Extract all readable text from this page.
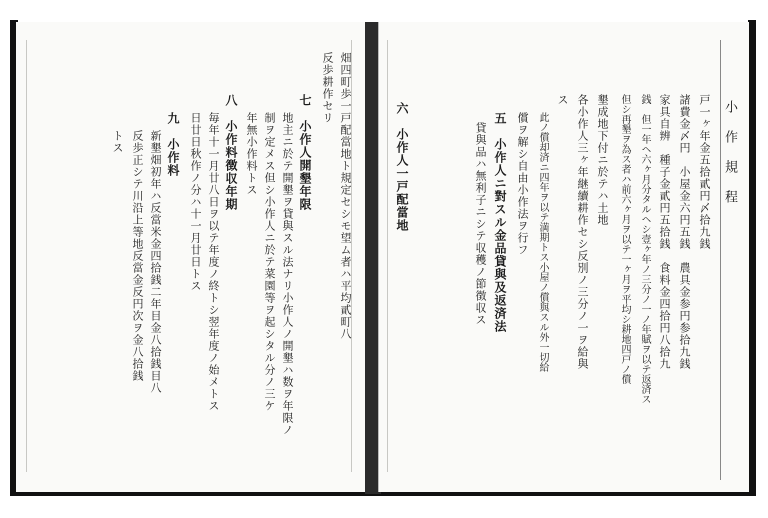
畑四町歩一戸配當地ト規定セシモ望ム者ハ平均貳町八
反歩耕作セリ
七　小作人開墾年限
地主ニ於テ開墾ヲ貸與スル法ナリ小作人ノ開墾ハ数ヲ年限ノ
制ヲ定メス但シ小作人ニ於テ菜園等ヲ起シタル分ノ三ケ
年無小作料トス
八　小作料徴収年期
毎年十一月廿八日ヲ以テ年度ノ終トシ翌年度ノ始メトス
日廿日秋作ノ分ハ十一月廿日トス
九　小作料
新墾畑初年ハ反當米金四拾銭二年目金八拾銭目八
反歩正シテ川沿上等地反當金反円次ヲ金八拾銭
トス
小
作
規
程
戸一ヶ年金五拾貳円〆拾九銭
諸費金〆円　小屋金六円五銭　農具金参円参拾九銭
家具自辨　種子金貳円五拾銭　食料金四拾円八拾九
銭　但一年ヘ六ヶ月分タルヘシ壹ヶ年ノ三分ノ一ノ年賦ヲ以テ返済ス
但シ再墾ヲ為ス者ハ前六ヶ月ヲ以テ一ヶ月ヲ平均シ耕地四戸ノ償
墾成地下付ニ於テハ土地
各小作人三ヶ年継續耕作セシ反別ノ三分ノ一ヲ給與
ス
此ノ償却済ニ四年ヲ以テ満期トス小屋ノ償與スル外一切給
償ヲ解シ自由小作法ヲ行フ
五　小作人ニ對スル金品貸與及返済法
貸與品ハ無利子ニシテ収穫ノ節徴収ス
六　小作人一戸配當地
